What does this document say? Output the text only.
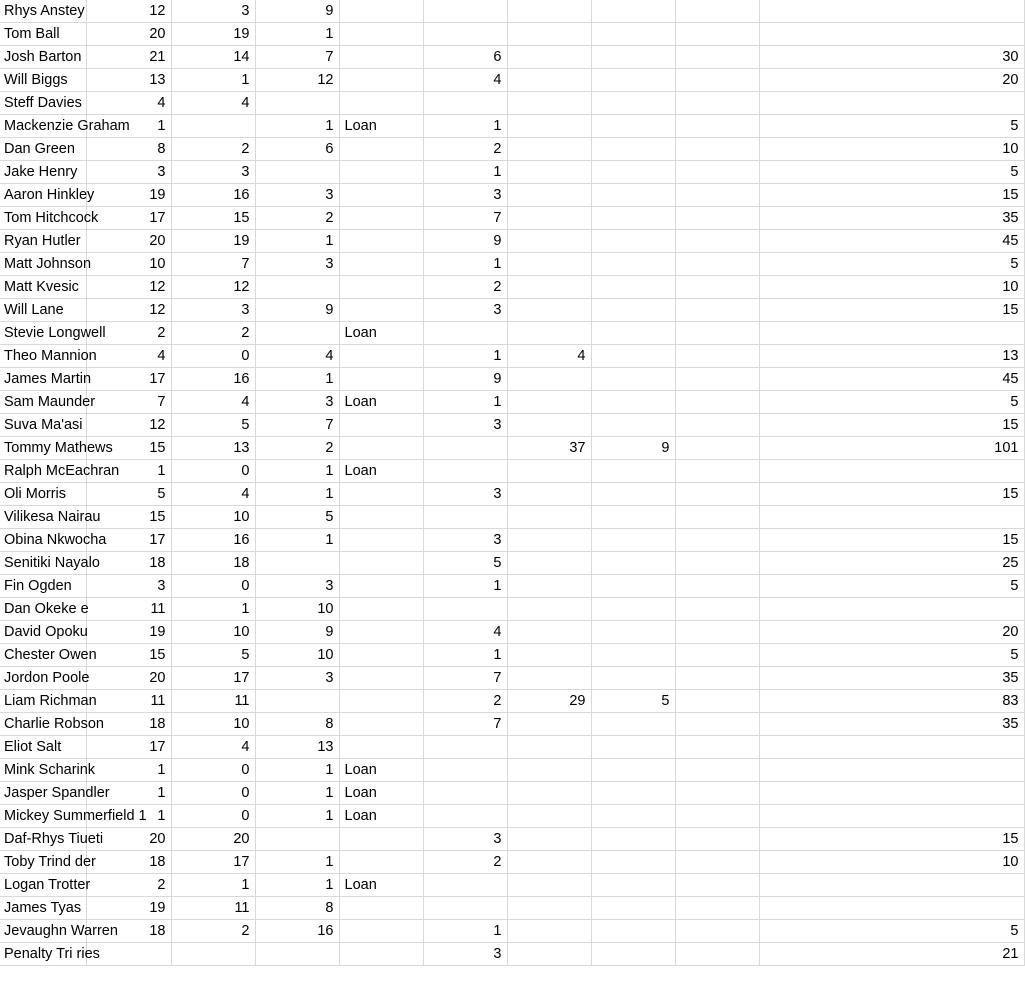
Rhys Anstey	12	3	9						
Tom Ball	20	19	1						
Josh Barton	21	14	7		6				30
Will Biggs	13	1	12		4				20
Steff Davies	4	4							
Mackenzie Graham	1		1	Loan	1				5
Dan Green	8	2	6		2				10
Jake Henry	3	3			1				5
Aaron Hinkley	19	16	3		3				15
Tom Hitchcock	17	15	2		7				35
Ryan Hutler	20	19	1		9				45
Matt Johnson	10	7	3		1				5
Matt Kvesic	12	12			2				10
Will Lane	12	3	9		3				15
Stevie Longwell	2	2		Loan					
Theo Mannion	4	0	4		1	4			13
James Martin	17	16	1		9				45
Sam Maunder	7	4	3	Loan	1				5
Suva Ma'asi	12	5	7		3				15
Tommy Mathews	15	13	2			37	9		101
Ralph McEachran	1	0	1	Loan					
Oli Morris	5	4	1		3				15
Vilikesa Nairau	15	10	5						
Obina Nkwocha	17	16	1		3				15
Senitiki Nayalo	18	18			5				25
Fin Ogden	3	0	3		1				5
Dan Okeke e	11	1	10						
David Opoku	19	10	9		4				20
Chester Owen	15	5	10		1				5
Jordon Poole	20	17	3		7				35
Liam Richman	11	11			2	29	5		83
Charlie Robson	18	10	8		7				35
Eliot Salt	17	4	13						
Mink Scharink	1	0	1	Loan					
Jasper Spandler	1	0	1	Loan					
Mickey Summerfield 1	1	0	1	Loan					
Daf-Rhys Tiueti	20	20			3				15
Toby Trind der	18	17	1		2				10
Logan Trotter	2	1	1	Loan					
James Tyas	19	11	8						
Jevaughn Warren	18	2	16		1				5
Penalty Tri ries					3				21
